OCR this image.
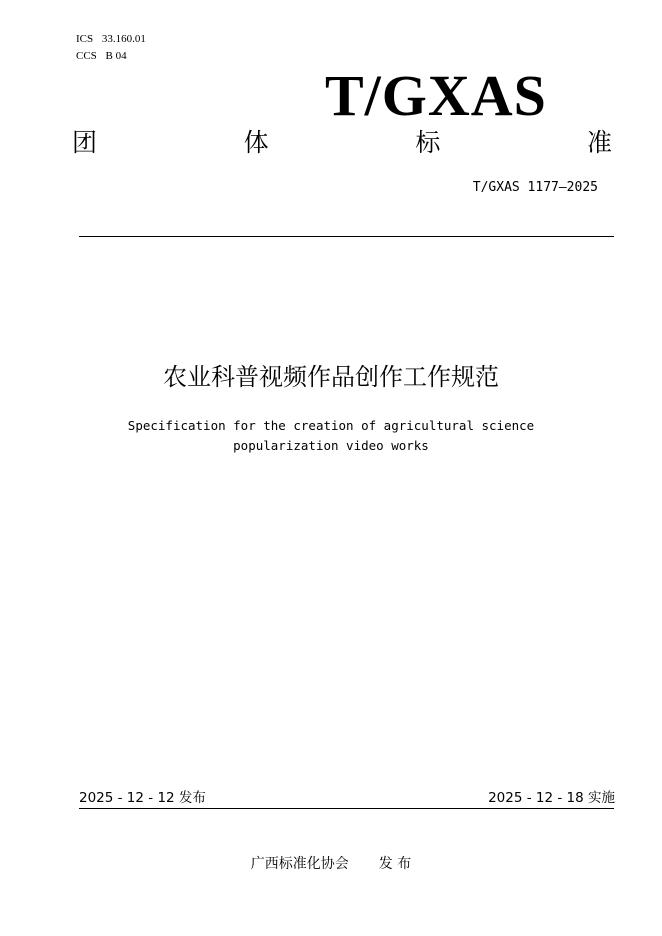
ICS 33.160.01
CCS B 04
T/GXAS
团	体	标	准
T/GXAS 1177—2025
农业科普视频作品创作工作规范
Specification for the creation of agricultural science
popularization video works
2025 - 12 - 12 发布	2025 - 12 - 18 实施
广西标准化协会 发 布
